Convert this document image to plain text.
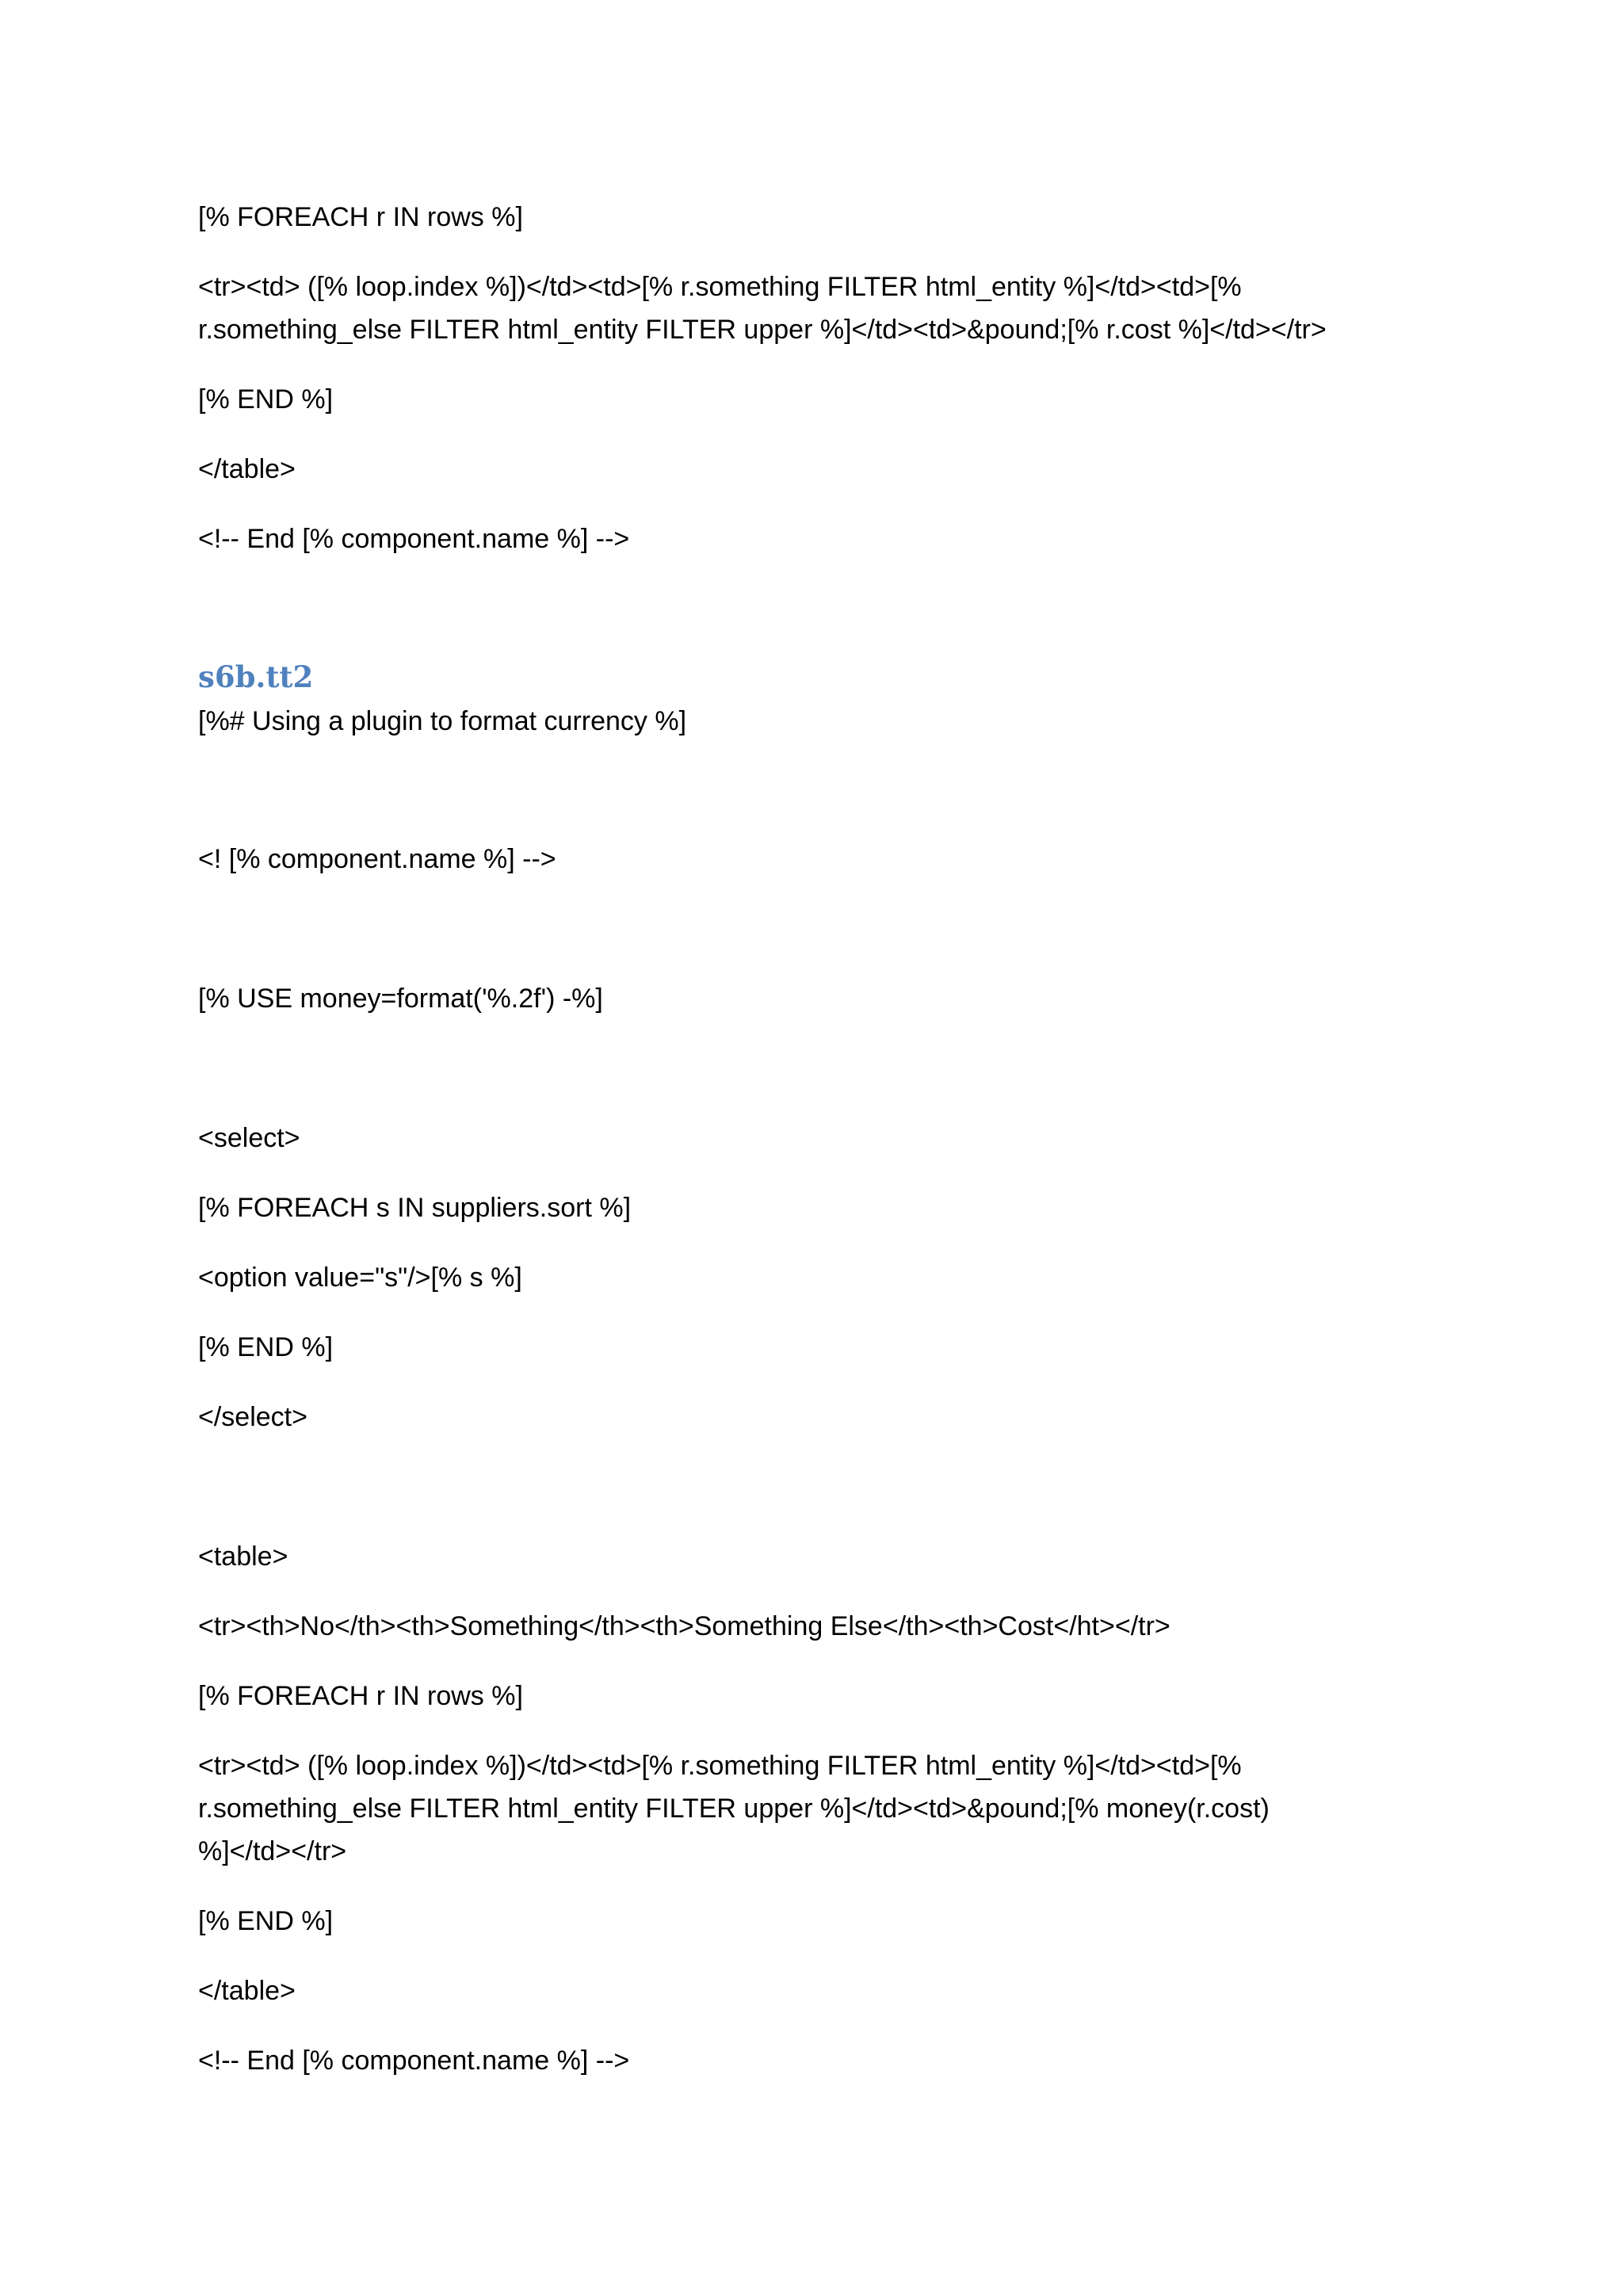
[% FOREACH r IN rows %]

<tr><td> ([% loop.index %])</td><td>[% r.something FILTER html_entity %]</td><td>[%

r.something_else FILTER html_entity FILTER upper %]</td><td>&pound;[% r.cost %]</td></tr>

[% END %]

</table>

<!-- End [% component.name %] -->

s6b.tt2

[%# Using a plugin to format currency %]

<! [% component.name %] -->

[% USE money=format('%.2f') -%]

<select>

[% FOREACH s IN suppliers.sort %]

<option value="s"/>[% s %]

[% END %]

</select>

<table>

<tr><th>No</th><th>Something</th><th>Something Else</th><th>Cost</ht></tr>

[% FOREACH r IN rows %]

<tr><td> ([% loop.index %])</td><td>[% r.something FILTER html_entity %]</td><td>[%

r.something_else FILTER html_entity FILTER upper %]</td><td>&pound;[% money(r.cost)

%]</td></tr>

[% END %]

</table>

<!-- End [% component.name %] -->
